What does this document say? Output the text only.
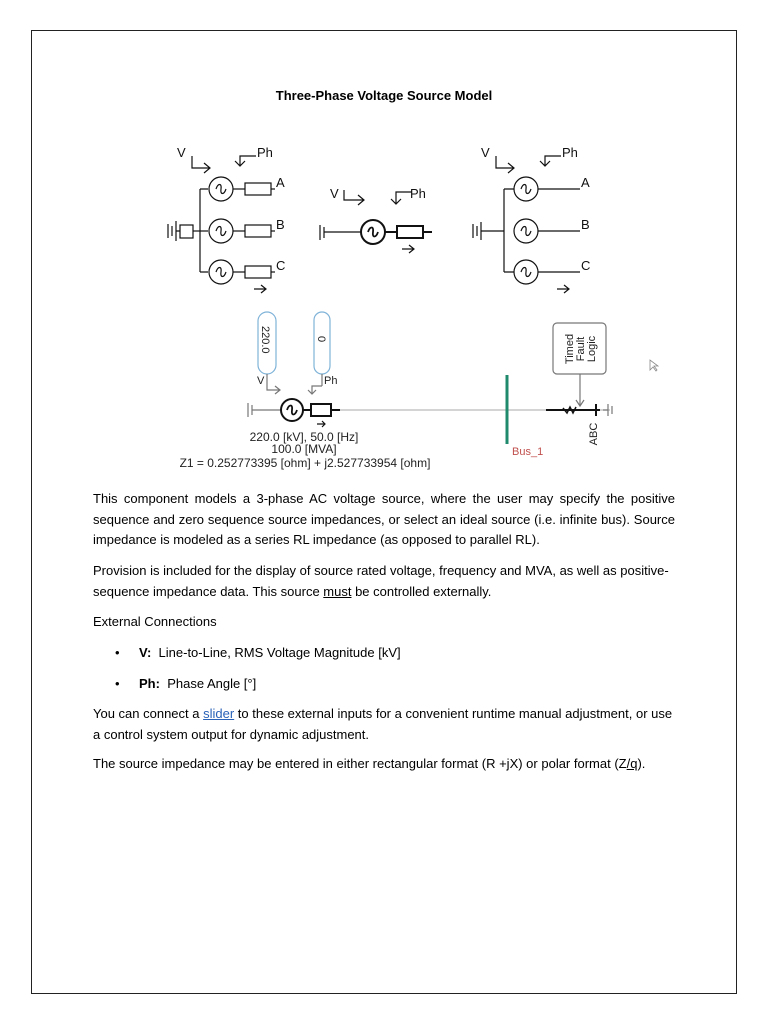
Three-Phase Voltage Source Model
V	Ph
A
B
C
V	Ph
V	Ph
A
B
C
220.0	0
V	Ph
220.0 [kV], 50.0 [Hz]
100.0 [MVA]
Z1 = 0.252773395 [ohm] + j2.527733954 [ohm]
Bus_1
Timed Fault Logic
ABC
This component models a 3-phase AC voltage source, where the user may specify the positive sequence and zero sequence source impedances, or select an ideal source (i.e. infinite bus). Source impedance is modeled as a series RL impedance (as opposed to parallel RL).
Provision is included for the display of source rated voltage, frequency and MVA, as well as positive-sequence impedance data. This source must be controlled externally.
External Connections
• V: Line-to-Line, RMS Voltage Magnitude [kV]
• Ph: Phase Angle [°]
You can connect a slider to these external inputs for a convenient runtime manual adjustment, or use a control system output for dynamic adjustment.
The source impedance may be entered in either rectangular format (R +jX) or polar format (Z/q).
